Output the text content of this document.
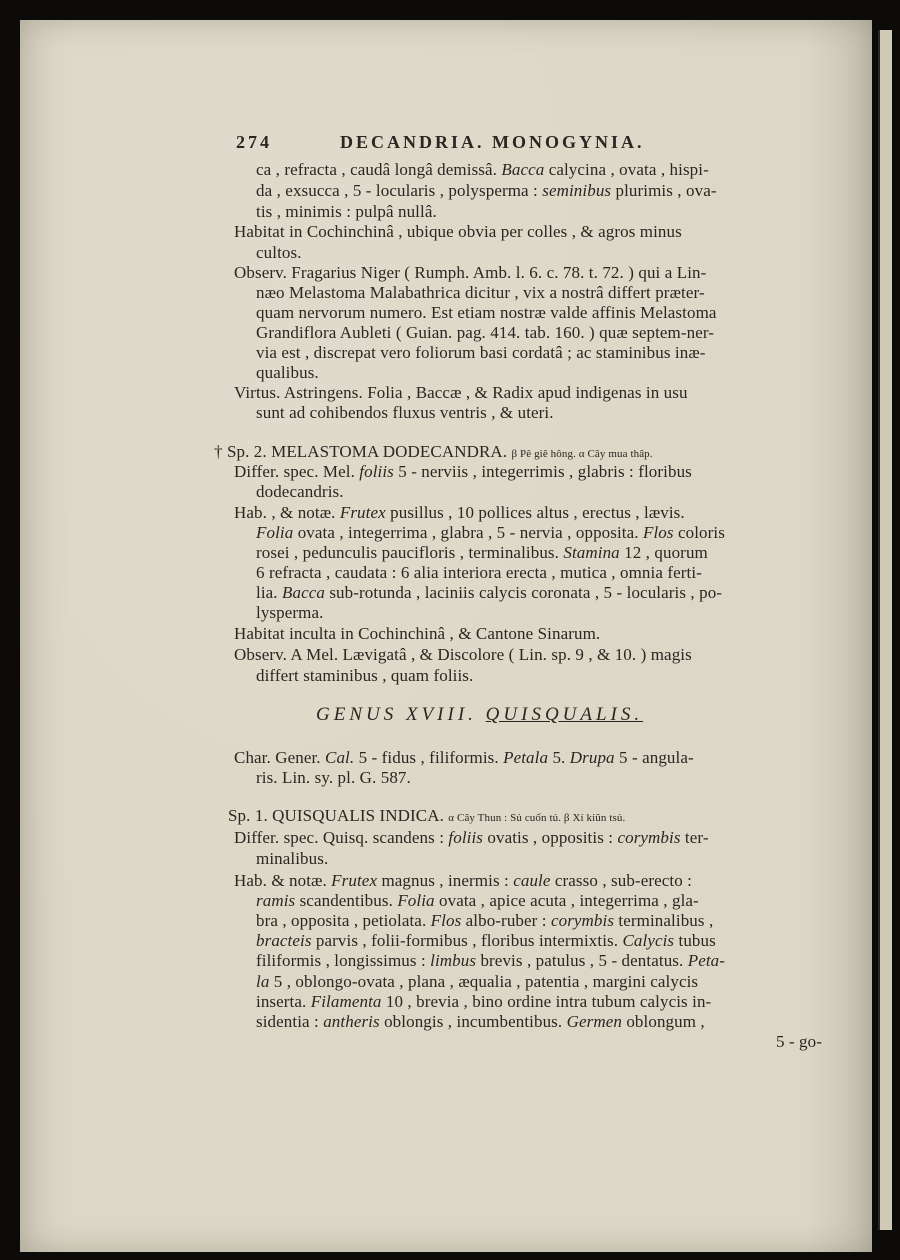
274	DECANDRIA. MONOGYNIA.
ca , refracta , caudâ longâ demissâ. Bacca calycina , ovata , hispi-
da , exsucca , 5 - locularis , polysperma : seminibus plurimis , ova-
tis , minimis : pulpâ nullâ.
Habitat in Cochinchinâ , ubique obvia per colles , & agros minus
cultos.
Observ. Fragarius Niger ( Rumph. Amb. l. 6. c. 78. t. 72. ) qui a Lin-
næo Melastoma Malabathrica dicitur , vix a nostrâ differt præter-
quam nervorum numero. Est etiam nostræ valde affinis Melastoma
Grandiflora Aubleti ( Guian. pag. 414. tab. 160. ) quæ septem-ner-
via est , discrepat vero foliorum basi cordatâ ; ac staminibus inæ-
qualibus.
Virtus. Astringens. Folia , Baccæ , & Radix apud indigenas in usu
sunt ad cohibendos fluxus ventris , & uteri.
† Sp. 2. MELASTOMA DODECANDRA. β Pê giê hông. α Cây mua thâp.
Differ. spec. Mel. foliis 5 - nerviis , integerrimis , glabris : floribus
dodecandris.
Hab. , & notæ. Frutex pusillus , 10 pollices altus , erectus , lævis.
Folia ovata , integerrima , glabra , 5 - nervia , opposita. Flos coloris
rosei , pedunculis paucifloris , terminalibus. Stamina 12 , quorum
6 refracta , caudata : 6 alia interiora erecta , mutica , omnia ferti-
lia. Bacca sub-rotunda , laciniis calycis coronata , 5 - locularis , po-
lysperma.
Habitat inculta in Cochinchinâ , & Cantone Sinarum.
Observ. A Mel. Lævigatâ , & Discolore ( Lin. sp. 9 , & 10. ) magis
differt staminibus , quam foliis.
Char. Gener. Cal. 5 - fidus , filiformis. Petala 5. Drupa 5 - angula-
ris. Lin. sy. pl. G. 587.
Sp. 1. QUISQUALIS INDICA. α Cây Thun : Sủ cuốn tủ. β Xí kiũn tsủ.
Differ. spec. Quisq. scandens : foliis ovatis , oppositis : corymbis ter-
minalibus.
Hab. & notæ. Frutex magnus , inermis : caule crasso , sub-erecto :
ramis scandentibus. Folia ovata , apice acuta , integerrima , gla-
bra , opposita , petiolata. Flos albo-ruber : corymbis terminalibus ,
bracteis parvis , folii-formibus , floribus intermixtis. Calycis tubus
filiformis , longissimus : limbus brevis , patulus , 5 - dentatus. Peta-
la 5 , oblongo-ovata , plana , æqualia , patentia , margini calycis
inserta. Filamenta 10 , brevia , bino ordine intra tubum calycis in-
sidentia : antheris oblongis , incumbentibus. Germen oblongum ,
GENUS XVIII. QUISQUALIS.
5 - go-
